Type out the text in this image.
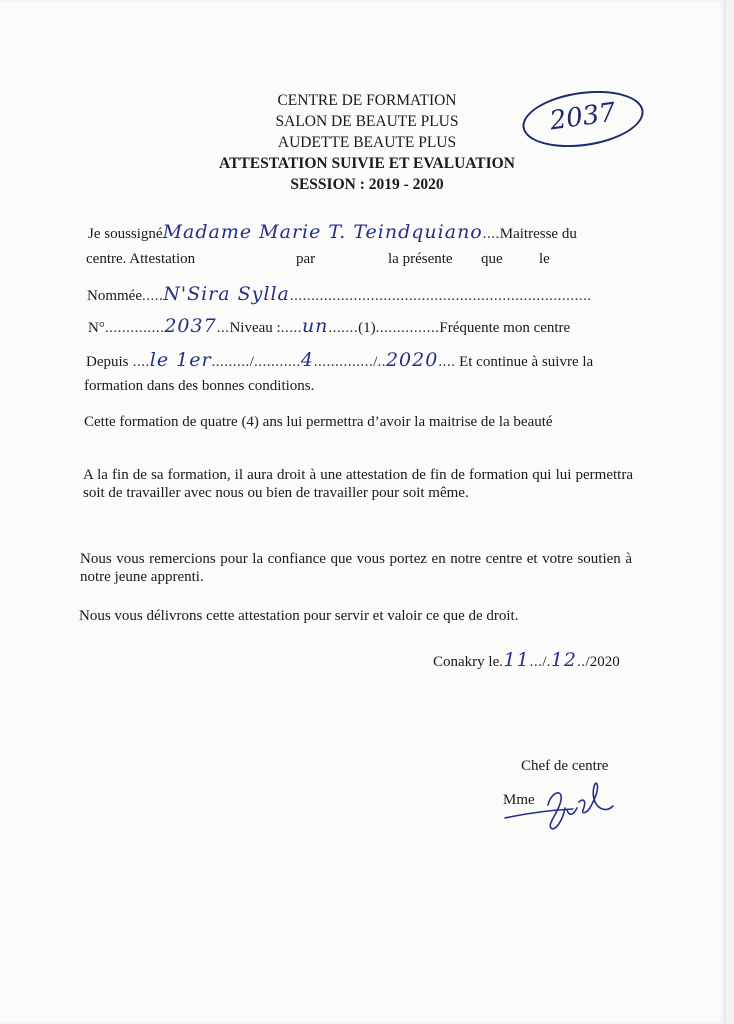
CENTRE DE FORMATION
SALON DE BEAUTE PLUS
AUDETTE BEAUTE PLUS
ATTESTATION SUIVIE ET EVALUATION
SESSION : 2019 - 2020
2037
Je soussignéMadame Marie T. Teindquiano....Maitresse du
centre. Attestation	par	la présente que le
Nommée.....N'Sira Sylla.......................................................................
N°..............2037...Niveau :.....un.......(1)...............Fréquente mon centre
Depuis ....le 1er........./...........4............../..2020.... Et continue à suivre la
formation dans des bonnes conditions.
Cette formation de quatre (4) ans lui permettra d’avoir la maitrise de la beauté
A la fin de sa formation, il aura droit à une attestation de fin de formation qui lui permettra soit de travailler avec nous ou bien de travailler pour soit même.
Nous vous remercions pour la confiance que vous portez en notre centre et votre soutien à notre jeune apprenti.
Nous vous délivrons cette attestation pour servir et valoir ce que de droit.
Conakry le.11.../.12../2020
Chef de centre
Mme
